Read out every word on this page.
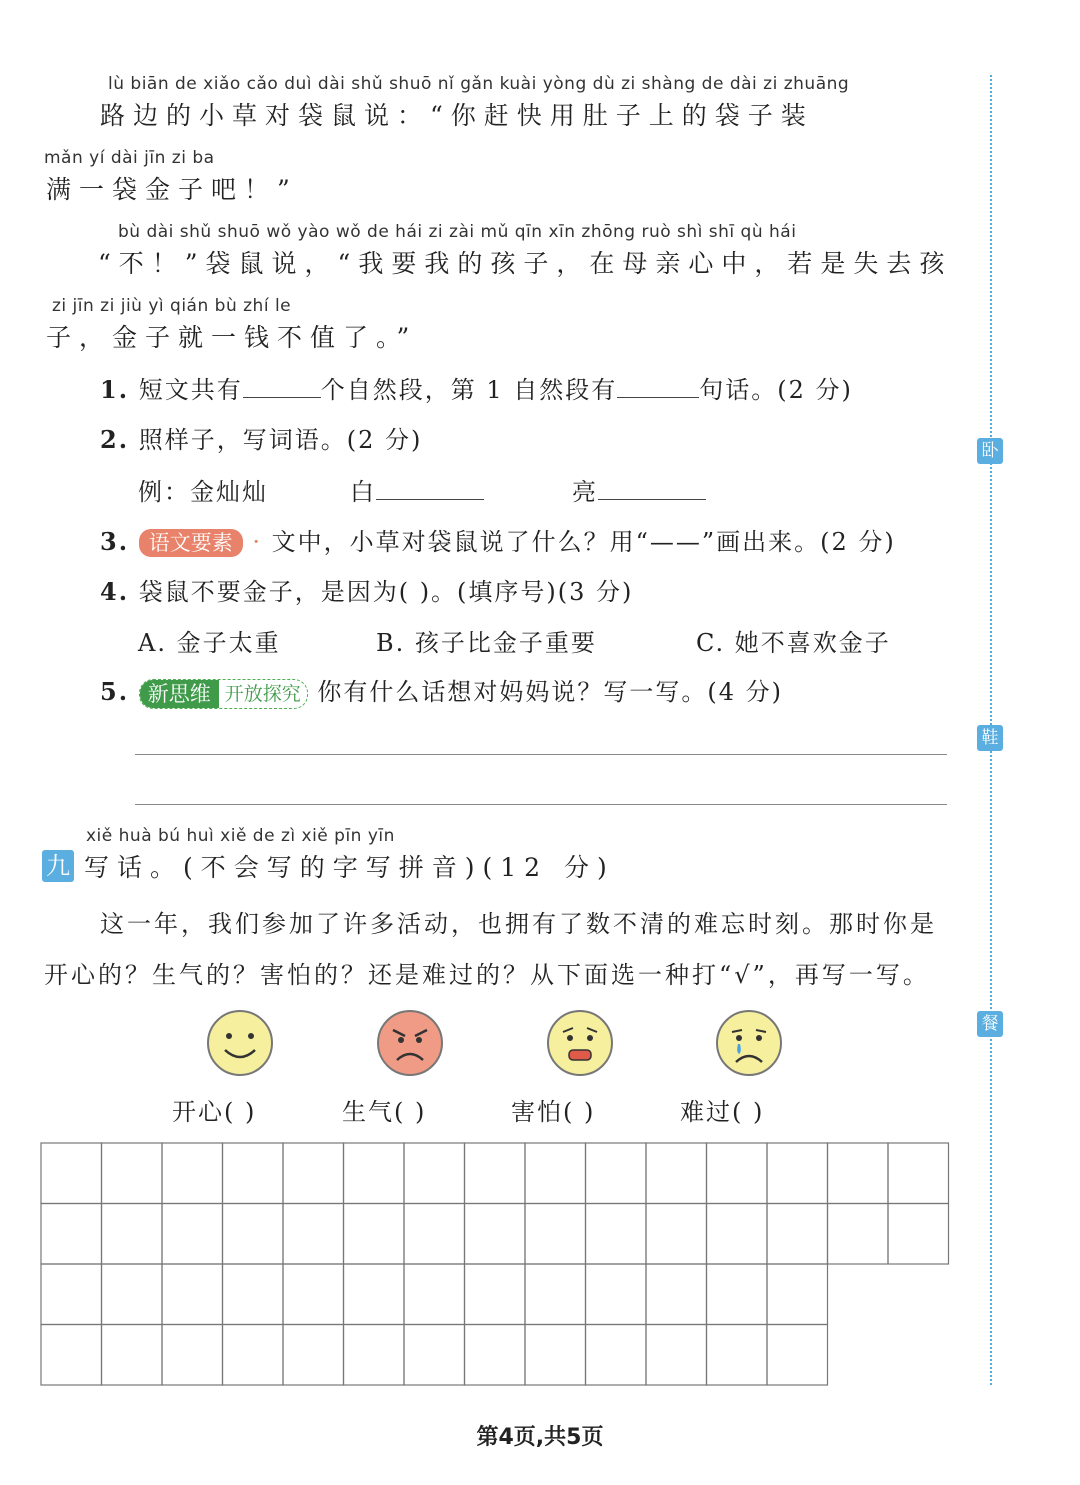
lù biān de xiǎo cǎo duì dài shǔ shuō nǐ gǎn kuài yòng dù zi shàng de dài zi zhuāng
路边的小草对袋鼠说：“你赶快用肚子上的袋子装
mǎn yí dài jīn zi ba
满一袋金子吧！”
bù dài shǔ shuō wǒ yào wǒ de hái zi zài mǔ qīn xīn zhōng ruò shì shī qù hái
“不！”袋鼠说，“我要我的孩子，在母亲心中，若是失去孩
zi jīn zi jiù yì qián bù zhí le
子，金子就一钱不值了。”
1. 短文共有	个自然段，第 1 自然段有	句话。(2 分)
2. 照样子，写词语。(2 分)
例：金灿灿	白	亮
3. 语文要素 · 文中，小草对袋鼠说了什么？用“——”画出来。(2 分)
4. 袋鼠不要金子，是因为( )。(填序号)(3 分)
A. 金子太重	B. 孩子比金子重要	C. 她不喜欢金子
5. 新思维 开放探究 你有什么话想对妈妈说？写一写。(4 分)
xiě huà bú huì xiě de zì xiě pīn yīn
九 写话。(不会写的字写拼音)(12 分)
这一年，我们参加了许多活动，也拥有了数不清的难忘时刻。那时你是
开心的？生气的？害怕的？还是难过的？从下面选一种打“√”，再写一写。
开心( )	生气( )	害怕( )	难过( )
卧
鞋
餐
第4页,共5页
